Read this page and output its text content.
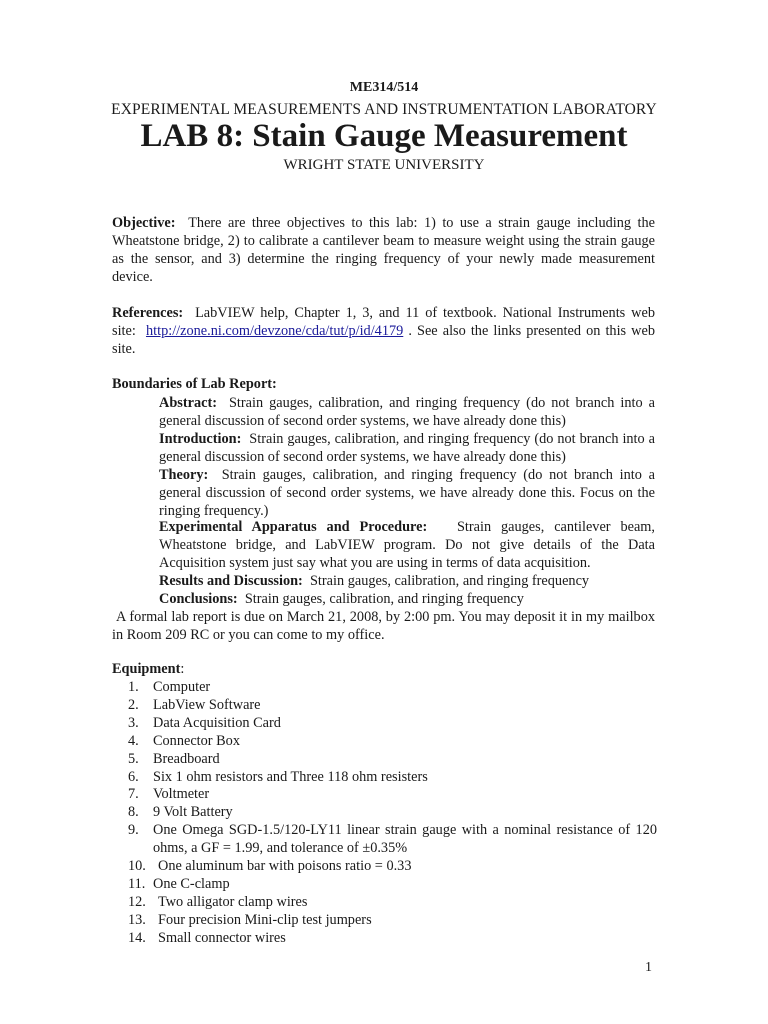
ME314/514
EXPERIMENTAL MEASUREMENTS AND INSTRUMENTATION LABORATORY
LAB 8: Stain Gauge Measurement
WRIGHT STATE UNIVERSITY
Objective: There are three objectives to this lab: 1) to use a strain gauge including the Wheatstone bridge, 2) to calibrate a cantilever beam to measure weight using the strain gauge as the sensor, and 3) determine the ringing frequency of your newly made measurement device.
References: LabVIEW help, Chapter 1, 3, and 11 of textbook. National Instruments web site: http://zone.ni.com/devzone/cda/tut/p/id/4179 . See also the links presented on this web site.
Boundaries of Lab Report:
Abstract: Strain gauges, calibration, and ringing frequency (do not branch into a general discussion of second order systems, we have already done this)
Introduction: Strain gauges, calibration, and ringing frequency (do not branch into a general discussion of second order systems, we have already done this)
Theory: Strain gauges, calibration, and ringing frequency (do not branch into a general discussion of second order systems, we have already done this. Focus on the ringing frequency.)
Experimental Apparatus and Procedure: Strain gauges, cantilever beam, Wheatstone bridge, and LabVIEW program. Do not give details of the Data Acquisition system just say what you are using in terms of data acquisition.
Results and Discussion: Strain gauges, calibration, and ringing frequency
Conclusions: Strain gauges, calibration, and ringing frequency
A formal lab report is due on March 21, 2008, by 2:00 pm. You may deposit it in my mailbox in Room 209 RC or you can come to my office.
Equipment:
1. Computer
2. LabView Software
3. Data Acquisition Card
4. Connector Box
5. Breadboard
6. Six 1 ohm resistors and Three 118 ohm resisters
7. Voltmeter
8. 9 Volt Battery
9. One Omega SGD-1.5/120-LY11 linear strain gauge with a nominal resistance of 120 ohms, a GF = 1.99, and tolerance of ±0.35%
10. One aluminum bar with poisons ratio = 0.33
11. One C-clamp
12. Two alligator clamp wires
13. Four precision Mini-clip test jumpers
14. Small connector wires
1
